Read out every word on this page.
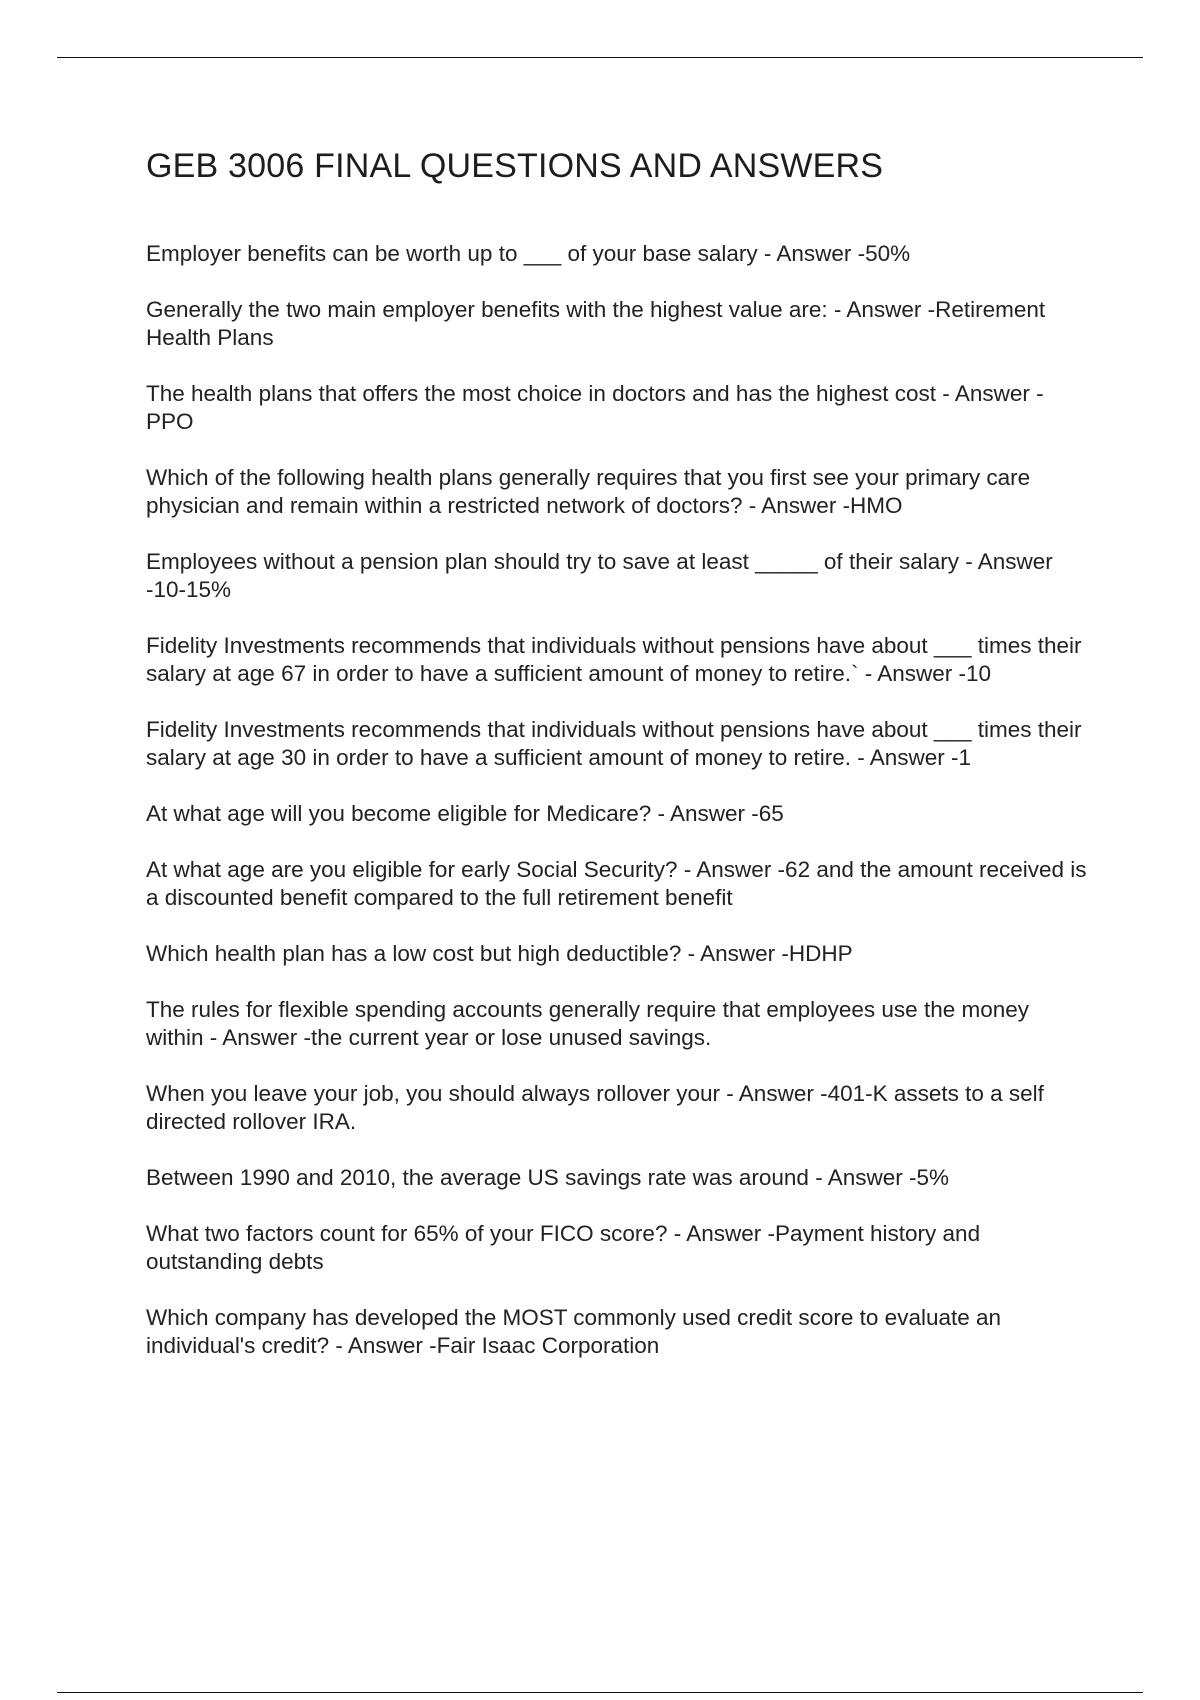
GEB 3006 FINAL QUESTIONS AND ANSWERS
Employer benefits can be worth up to ___ of your base salary - Answer -50%
Generally the two main employer benefits with the highest value are: - Answer -Retirement Health Plans
The health plans that offers the most choice in doctors and has the highest cost - Answer -PPO
Which of the following health plans generally requires that you first see your primary care physician and remain within a restricted network of doctors? - Answer -HMO
Employees without a pension plan should try to save at least _____ of their salary - Answer -10-15%
Fidelity Investments recommends that individuals without pensions have about ___ times their salary at age 67 in order to have a sufficient amount of money to retire.` - Answer -10
Fidelity Investments recommends that individuals without pensions have about ___ times their salary at age 30 in order to have a sufficient amount of money to retire. - Answer -1
At what age will you become eligible for Medicare? - Answer -65
At what age are you eligible for early Social Security? - Answer -62 and the amount received is a discounted benefit compared to the full retirement benefit
Which health plan has a low cost but high deductible? - Answer -HDHP
The rules for flexible spending accounts generally require that employees use the money within - Answer -the current year or lose unused savings.
When you leave your job, you should always rollover your - Answer -401-K assets to a self directed rollover IRA.
Between 1990 and 2010, the average US savings rate was around - Answer -5%
What two factors count for 65% of your FICO score? - Answer -Payment history and outstanding debts
Which company has developed the MOST commonly used credit score to evaluate an individual's credit? - Answer -Fair Isaac Corporation
